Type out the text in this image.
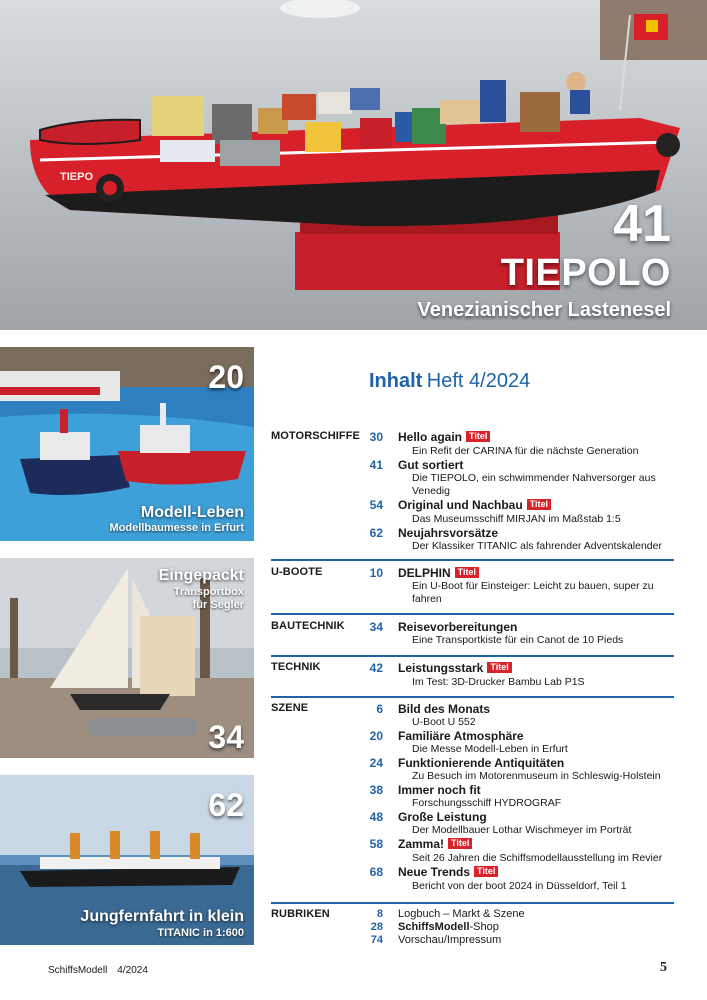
TIEPO
41
TIEPOLO
Venezianischer Lastenesel
20
Modell-Leben
Modellbaumesse in Erfurt
Eingepackt
Transportbox
für Segler
34
62
Jungfernfahrt in klein
TITANIC in 1:600
Inhalt Heft 4/2024
MOTORSCHIFFE 30 Hello again Titel
Ein Refit der CARINA für die nächste Generation
41 Gut sortiert
Die TIEPOLO, ein schwimmender Nahversorger aus Venedig
54 Original und Nachbau Titel
Das Museumsschiff MIRJAN im Maßstab 1:5
62 Neujahrsvorsätze
Der Klassiker TITANIC als fahrender Adventskalender
U-BOOTE	10 DELPHIN Titel
Ein U-Boot für Einsteiger: Leicht zu bauen, super zu fahren
BAUTECHNIK	34 Reisevorbereitungen
Eine Transportkiste für ein Canot de 10 Pieds
TECHNIK	42 Leistungsstark Titel
Im Test: 3D-Drucker Bambu Lab P1S
SZENE	6 Bild des Monats
U-Boot U 552
20 Familiäre Atmosphäre
Die Messe Modell-Leben in Erfurt
24 Funktionierende Antiquitäten
Zu Besuch im Motorenmuseum in Schleswig-Holstein
38 Immer noch fit
Forschungsschiff HYDROGRAF
48 Große Leistung
Der Modellbauer Lothar Wischmeyer im Porträt
58 Zamma! Titel
Seit 26 Jahren die Schiffsmodellausstellung im Revier
68 Neue Trends Titel
Bericht von der boot 2024 in Düsseldorf, Teil 1
RUBRIKEN	8 Logbuch – Markt & Szene
28 SchiffsModell-Shop
74 Vorschau/Impressum
SchiffsModell 4/2024	5
